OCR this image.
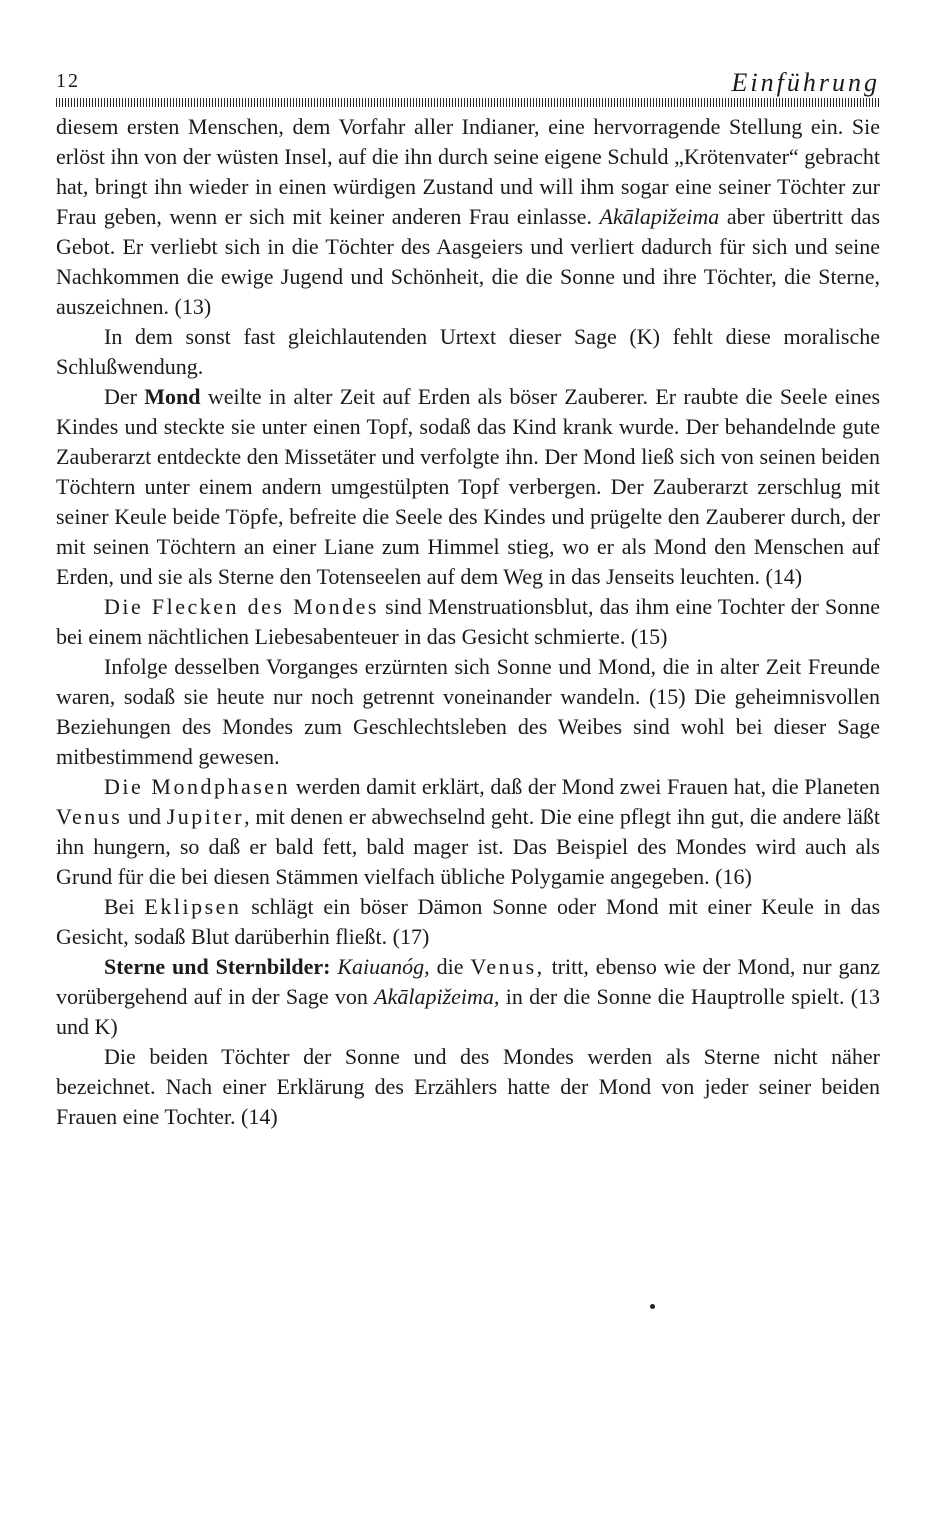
12	Einführung

diesem ersten Menschen, dem Vorfahr aller Indianer, eine hervorragende Stellung ein. Sie erlöst ihn von der wüsten Insel, auf die ihn durch seine eigene Schuld „Krötenvater“ gebracht hat, bringt ihn wieder in einen würdigen Zustand und will ihm sogar eine seiner Töchter zur Frau geben, wenn er sich mit keiner anderen Frau einlasse. Akālapižeima aber übertritt das Gebot. Er verliebt sich in die Töchter des Aasgeiers und verliert dadurch für sich und seine Nachkommen die ewige Jugend und Schönheit, die die Sonne und ihre Töchter, die Sterne, auszeichnen. (13)

In dem sonst fast gleichlautenden Urtext dieser Sage (K) fehlt diese moralische Schlußwendung.

Der Mond weilte in alter Zeit auf Erden als böser Zauberer. Er raubte die Seele eines Kindes und steckte sie unter einen Topf, sodaß das Kind krank wurde. Der behandelnde gute Zauberarzt entdeckte den Missetäter und verfolgte ihn. Der Mond ließ sich von seinen beiden Töchtern unter einem andern umgestülpten Topf verbergen. Der Zauberarzt zerschlug mit seiner Keule beide Töpfe, befreite die Seele des Kindes und prügelte den Zauberer durch, der mit seinen Töchtern an einer Liane zum Himmel stieg, wo er als Mond den Menschen auf Erden, und sie als Sterne den Totenseelen auf dem Weg in das Jenseits leuchten. (14)

Die Flecken des Mondes sind Menstruationsblut, das ihm eine Tochter der Sonne bei einem nächtlichen Liebesabenteuer in das Gesicht schmierte. (15)

Infolge desselben Vorganges erzürnten sich Sonne und Mond, die in alter Zeit Freunde waren, sodaß sie heute nur noch getrennt voneinander wandeln. (15) Die geheimnisvollen Beziehungen des Mondes zum Geschlechtsleben des Weibes sind wohl bei dieser Sage mitbestimmend gewesen.

Die Mondphasen werden damit erklärt, daß der Mond zwei Frauen hat, die Planeten Venus und Jupiter, mit denen er abwechselnd geht. Die eine pflegt ihn gut, die andere läßt ihn hungern, so daß er bald fett, bald mager ist. Das Beispiel des Mondes wird auch als Grund für die bei diesen Stämmen vielfach übliche Polygamie angegeben. (16)

Bei Eklipsen schlägt ein böser Dämon Sonne oder Mond mit einer Keule in das Gesicht, sodaß Blut darüberhin fließt. (17)

Sterne und Sternbilder: Kaiuanóg, die Venus, tritt, ebenso wie der Mond, nur ganz vorübergehend auf in der Sage von Akālapižeima, in der die Sonne die Hauptrolle spielt. (13 und K)

Die beiden Töchter der Sonne und des Mondes werden als Sterne nicht näher bezeichnet. Nach einer Erklärung des Erzählers hatte der Mond von jeder seiner beiden Frauen eine Tochter. (14)
